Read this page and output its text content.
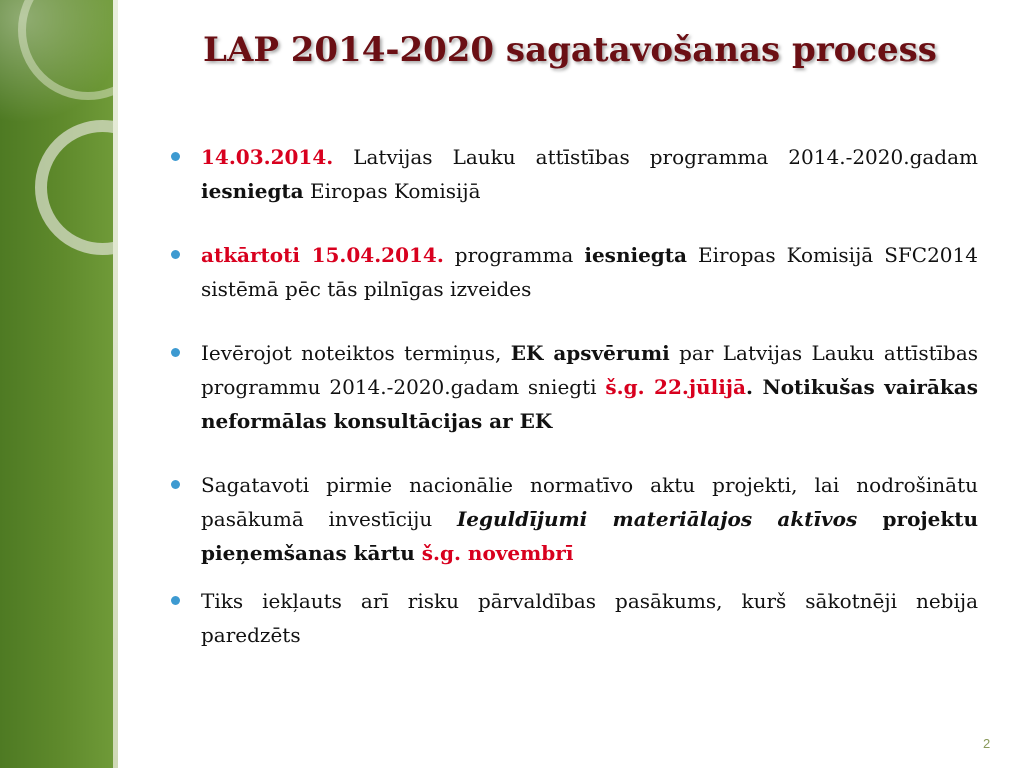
LAP 2014-2020 sagatavošanas process
14.03.2014. Latvijas Lauku attīstības programma 2014.-2020.gadam iesniegta Eiropas Komisijā
atkārtoti 15.04.2014. programma iesniegta Eiropas Komisijā SFC2014 sistēmā pēc tās pilnīgas izveides
Ievērojot noteiktos termiņus, EK apsvērumi par Latvijas Lauku attīstības programmu 2014.-2020.gadam sniegti š.g. 22.jūlijā. Notikušas vairākas neformālas konsultācijas ar EK
Sagatavoti pirmie nacionālie normatīvo aktu projekti, lai nodrošinātu pasākumā investīciju Ieguldījumi materiālajos aktīvos projektu pieņemšanas kārtu š.g. novembrī
Tiks iekļauts arī risku pārvaldības pasākums, kurš sākotnēji nebija paredzēts
2
